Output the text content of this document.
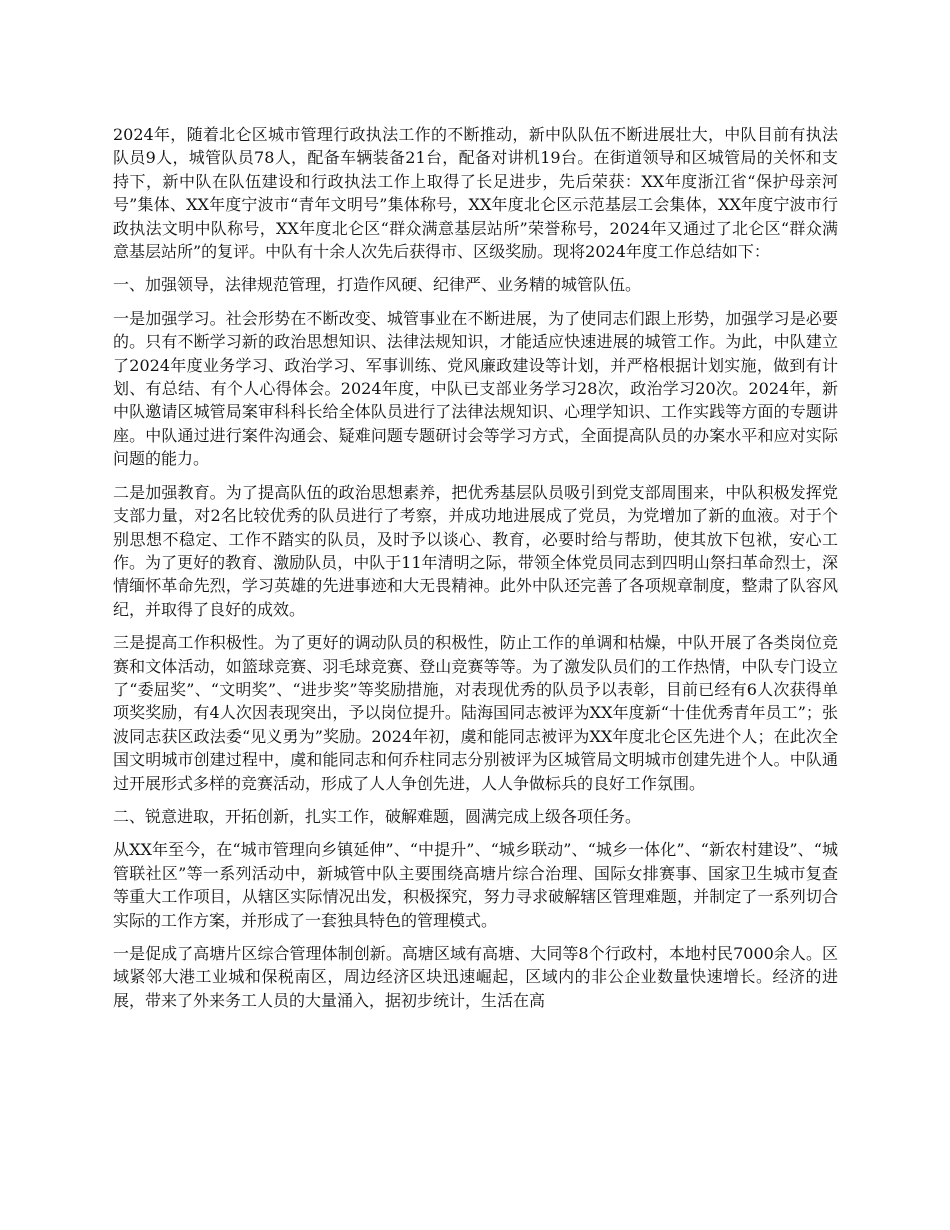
2024年，随着北仑区城市管理行政执法工作的不断推动，新中队队伍不断进展壮大，中队目前有执法队员9人，城管队员78人，配备车辆装备21台，配备对讲机19台。在街道领导和区城管局的关怀和支持下，新中队在队伍建设和行政执法工作上取得了长足进步，先后荣获：XX年度浙江省“保护母亲河号”集体、XX年度宁波市“青年文明号”集体称号，XX年度北仑区示范基层工会集体，XX年度宁波市行政执法文明中队称号，XX年度北仑区“群众满意基层站所”荣誉称号，2024年又通过了北仑区“群众满意基层站所”的复评。中队有十余人次先后获得市、区级奖励。现将2024年度工作总结如下：

一、加强领导，法律规范管理，打造作风硬、纪律严、业务精的城管队伍。

一是加强学习。社会形势在不断改变、城管事业在不断进展，为了使同志们跟上形势，加强学习是必要的。只有不断学习新的政治思想知识、法律法规知识，才能适应快速进展的城管工作。为此，中队建立了2024年度业务学习、政治学习、军事训练、党风廉政建设等计划，并严格根据计划实施，做到有计划、有总结、有个人心得体会。2024年度，中队已支部业务学习28次，政治学习20次。2024年，新中队邀请区城管局案审科科长给全体队员进行了法律法规知识、心理学知识、工作实践等方面的专题讲座。中队通过进行案件沟通会、疑难问题专题研讨会等学习方式，全面提高队员的办案水平和应对实际问题的能力。

二是加强教育。为了提高队伍的政治思想素养，把优秀基层队员吸引到党支部周围来，中队积极发挥党支部力量，对2名比较优秀的队员进行了考察，并成功地进展成了党员，为党增加了新的血液。对于个别思想不稳定、工作不踏实的队员，及时予以谈心、教育，必要时给与帮助，使其放下包袱，安心工作。为了更好的教育、激励队员，中队于11年清明之际，带领全体党员同志到四明山祭扫革命烈士，深情缅怀革命先烈，学习英雄的先进事迹和大无畏精神。此外中队还完善了各项规章制度，整肃了队容风纪，并取得了良好的成效。

三是提高工作积极性。为了更好的调动队员的积极性，防止工作的单调和枯燥，中队开展了各类岗位竞赛和文体活动，如篮球竞赛、羽毛球竞赛、登山竞赛等等。为了激发队员们的工作热情，中队专门设立了“委屈奖”、“文明奖”、“进步奖”等奖励措施，对表现优秀的队员予以表彰，目前已经有6人次获得单项奖奖励，有4人次因表现突出，予以岗位提升。陆海国同志被评为XX年度新“十佳优秀青年员工”；张波同志获区政法委“见义勇为”奖励。2024年初，虞和能同志被评为XX年度北仑区先进个人；在此次全国文明城市创建过程中，虞和能同志和何乔柱同志分别被评为区城管局文明城市创建先进个人。中队通过开展形式多样的竞赛活动，形成了人人争创先进，人人争做标兵的良好工作氛围。

二、锐意进取，开拓创新，扎实工作，破解难题，圆满完成上级各项任务。

从XX年至今，在“城市管理向乡镇延伸”、“中提升”、“城乡联动”、“城乡一体化”、“新农村建设”、“城管联社区”等一系列活动中，新城管中队主要围绕高塘片综合治理、国际女排赛事、国家卫生城市复查等重大工作项目，从辖区实际情况出发，积极探究，努力寻求破解辖区管理难题，并制定了一系列切合实际的工作方案，并形成了一套独具特色的管理模式。

一是促成了高塘片区综合管理体制创新。高塘区域有高塘、大同等8个行政村，本地村民7000余人。区域紧邻大港工业城和保税南区，周边经济区块迅速崛起，区域内的非公企业数量快速增长。经济的进展，带来了外来务工人员的大量涌入，据初步统计，生活在高
